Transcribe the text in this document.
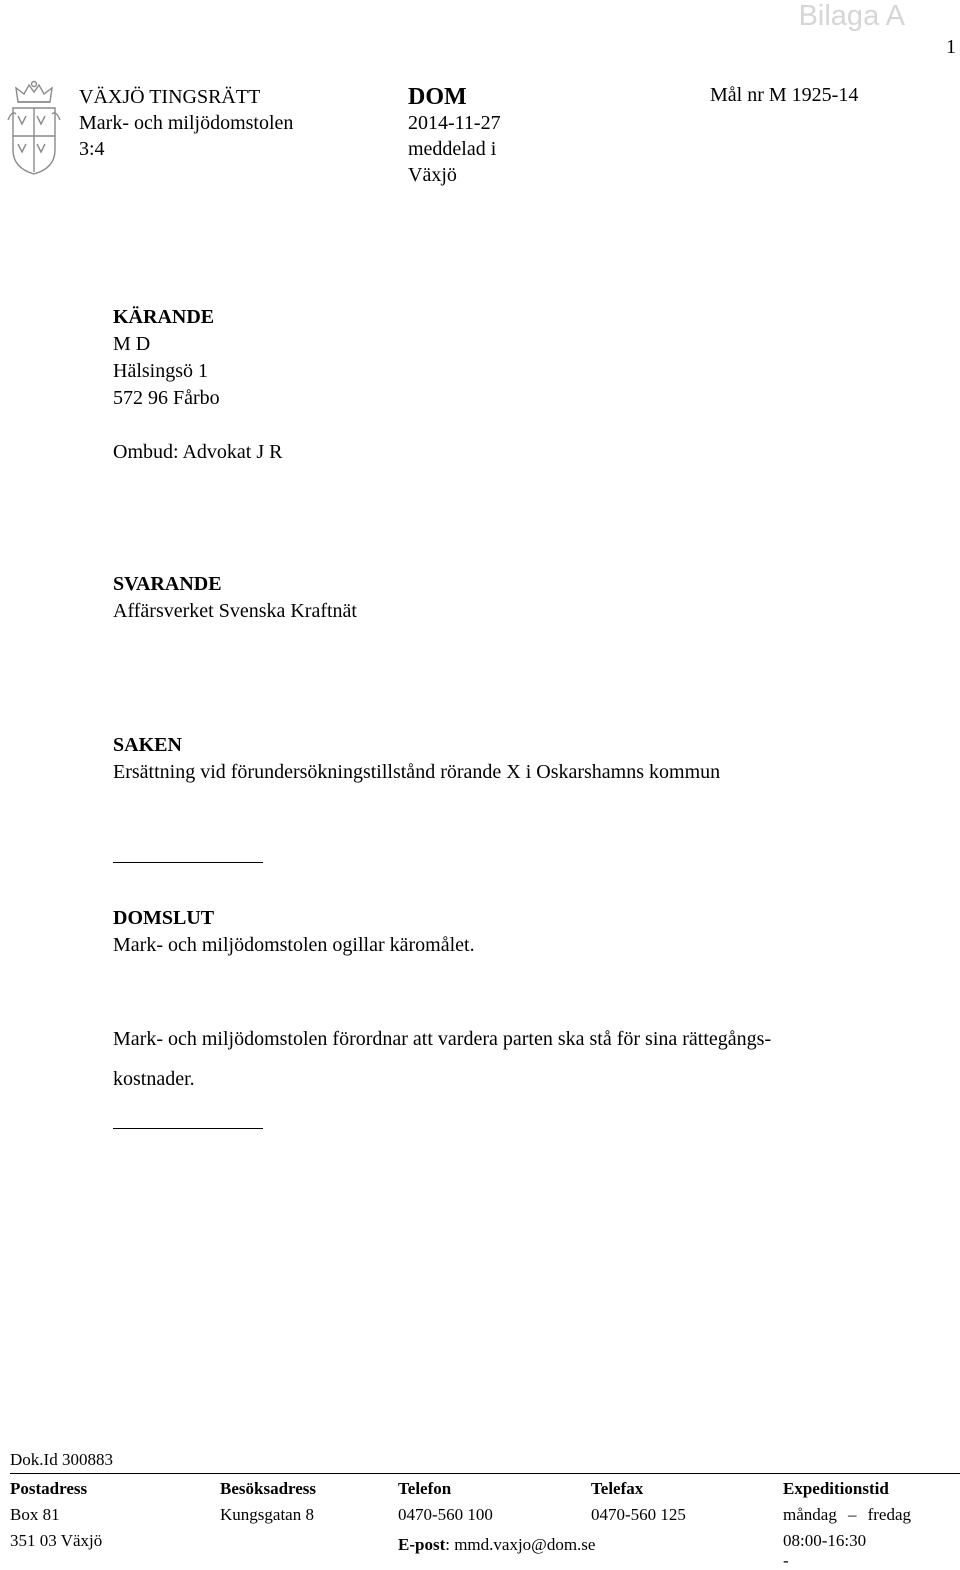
Bilaga A
1
VÄXJÖ TINGSRÄTT
Mark- och miljödomstolen
3:4
DOM
2014-11-27
meddelad i
Växjö
Mål nr M 1925-14
KÄRANDE
M D
Hälsingsö 1
572 96 Fårbo
Ombud: Advokat J R
SVARANDE
Affärsverket Svenska Kraftnät
SAKEN
Ersättning vid förundersökningstillstånd rörande X i Oskarshamns kommun
DOMSLUT
Mark- och miljödomstolen ogillar käromålet.
Mark- och miljödomstolen förordnar att vardera parten ska stå för sina rättegångs-
kostnader.
Dok.Id 300883
Postadress
Box 81
351 03 Växjö
Besöksadress
Kungsgatan 8
Telefon
0470-560 100
E-post: mmd.vaxjo@dom.se
Telefax
0470-560 125
Expeditionstid
måndag – fredag
08:00-16:30
-
